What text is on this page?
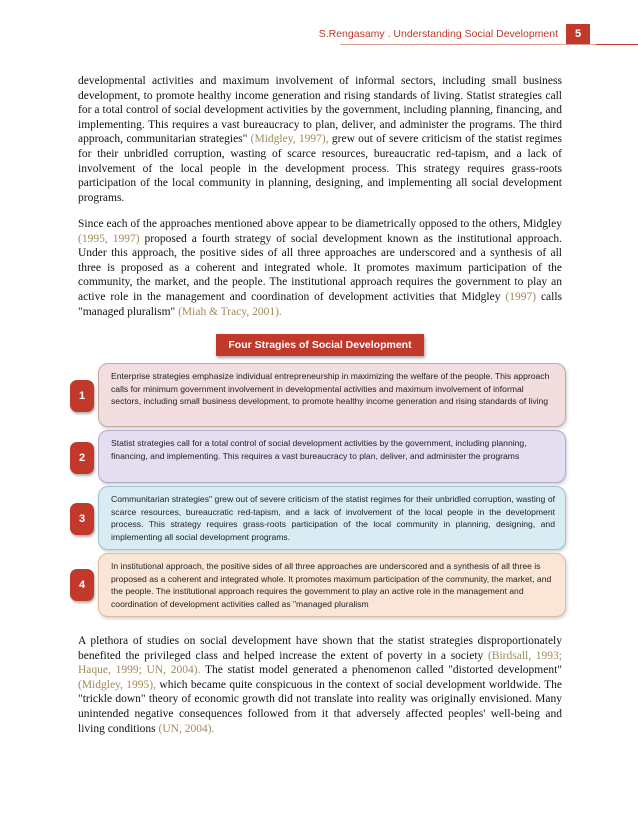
S.Rengasamy . Understanding Social Development	5

developmental activities and maximum involvement of informal sectors, including small business development, to promote healthy income generation and rising standards of living. Statist strategies call for a total control of social development activities by the government, including planning, financing, and implementing. This requires a vast bureaucracy to plan, deliver, and administer the programs. The third approach, communitarian strategies" (Midgley, 1997), grew out of severe criticism of the statist regimes for their unbridled corruption, wasting of scarce resources, bureaucratic red-tapism, and a lack of involvement of the local people in the development process. This strategy requires grass-roots participation of the local community in planning, designing, and implementing all social development programs.

Since each of the approaches mentioned above appear to be diametrically opposed to the others, Midgley (1995, 1997) proposed a fourth strategy of social development known as the institutional approach. Under this approach, the positive sides of all three approaches are underscored and a synthesis of all three is proposed as a coherent and integrated whole. It promotes maximum participation of the community, the market, and the people. The institutional approach requires the government to play an active role in the management and coordination of development activities that Midgley (1997) calls "managed pluralism" (Miah & Tracy, 2001).

Four Stragies of Social Development
1

Enterprise strategies emphasize individual entrepreneurship in maximizing the welfare of the people. This approach calls for minimum government involvement in developmental activities and maximum involvement of informal sectors, including small business development, to promote healthy income generation and rising standards of living

2

Statist strategies call for a total control of social development activities by the government, including planning, financing, and implementing. This requires a vast bureaucracy to plan, deliver, and administer the programs

3

Communitarian strategies" grew out of severe criticism of the statist regimes for their unbridled corruption, wasting of scarce resources, bureaucratic red-tapism, and a lack of involvement of the local people in the development process. This strategy requires grass-roots participation of the local community in planning, designing, and implementing all social development programs.

4

In institutional approach, the positive sides of all three approaches are underscored and a synthesis of all three is proposed as a coherent and integrated whole. It promotes maximum participation of the community, the market, and the people. The institutional approach requires the government to play an active role in the management and coordination of development activities called as "managed pluralism

A plethora of studies on social development have shown that the statist strategies disproportionately benefited the privileged class and helped increase the extent of poverty in a society (Birdsall, 1993; Haque, 1999; UN, 2004). The statist model generated a phenomenon called "distorted development" (Midgley, 1995), which became quite conspicuous in the context of social development worldwide. The "trickle down" theory of economic growth did not translate into reality was originally envisioned. Many unintended negative consequences followed from it that adversely affected peoples' well-being and living conditions (UN, 2004).
